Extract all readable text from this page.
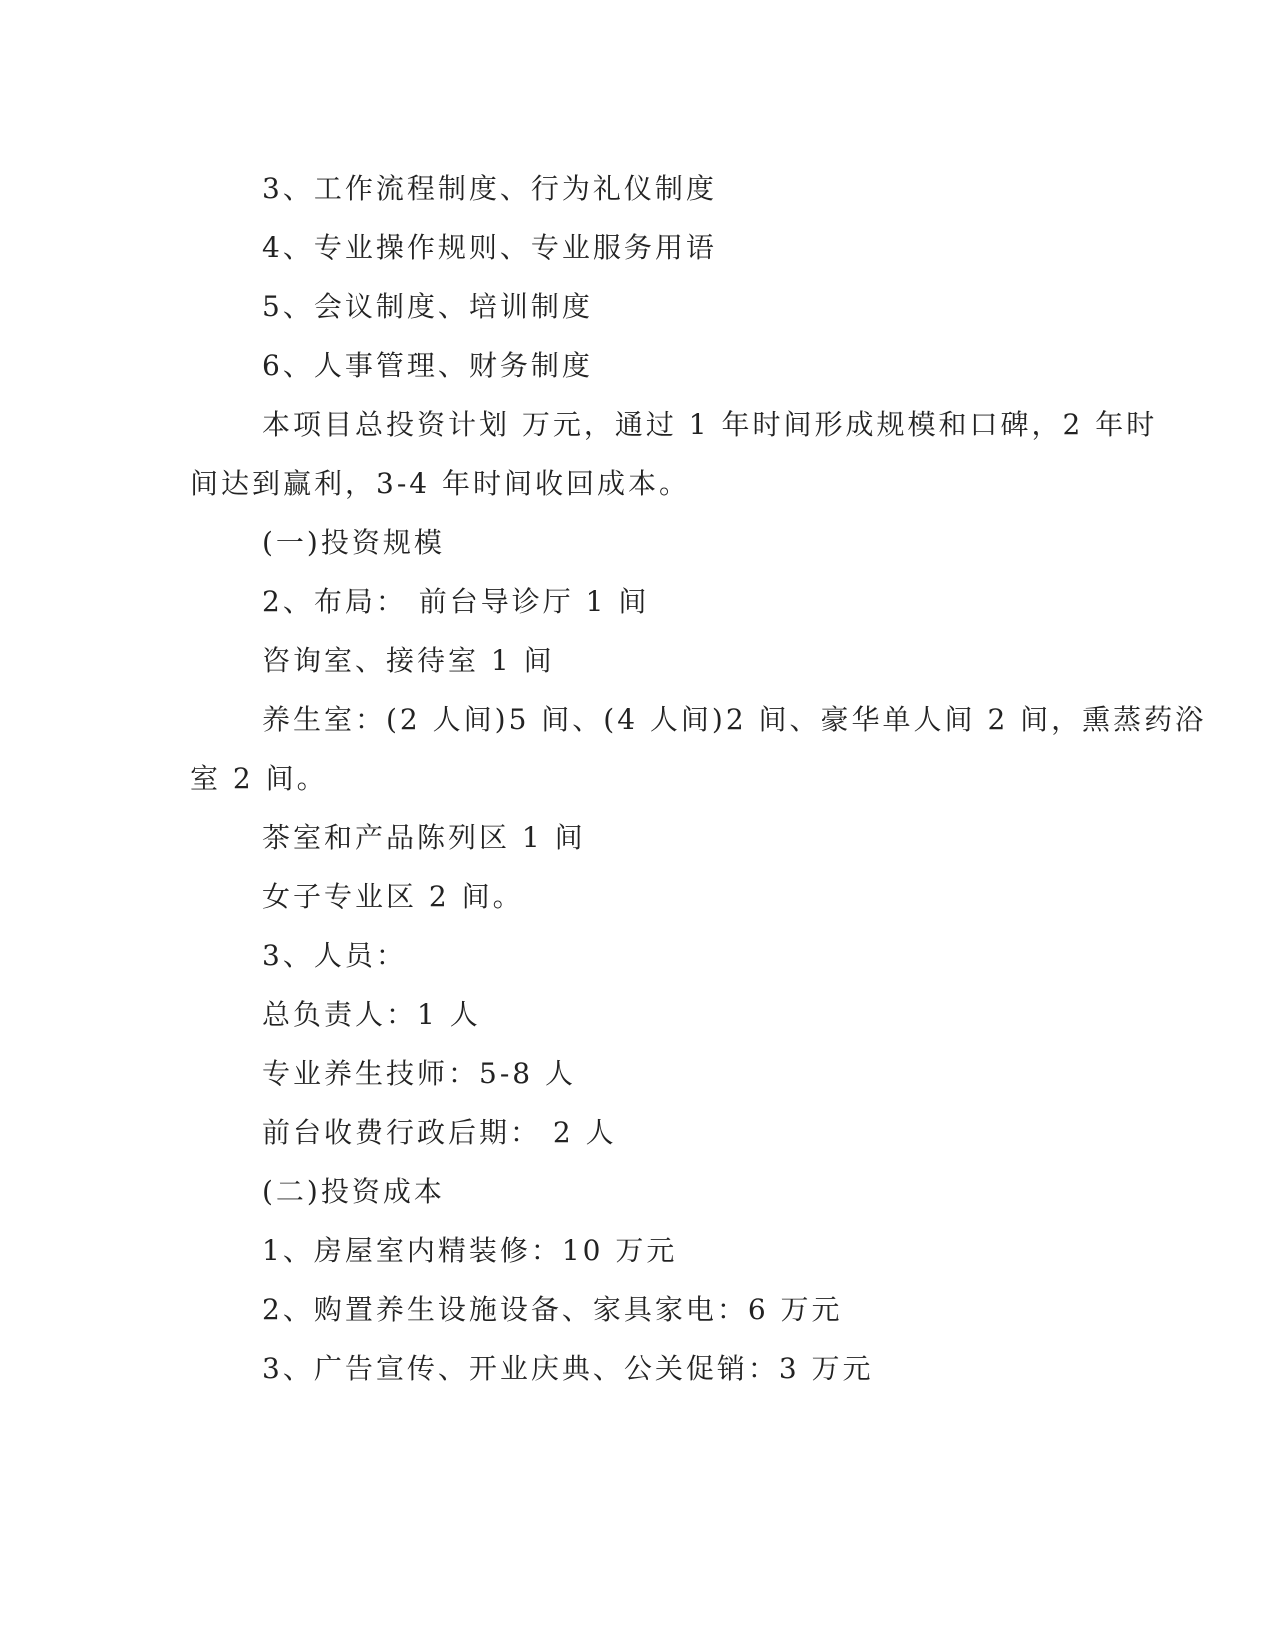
3、工作流程制度、行为礼仪制度
4、专业操作规则、专业服务用语
5、会议制度、培训制度
6、人事管理、财务制度
本项目总投资计划 万元，通过 1 年时间形成规模和口碑，2 年时
间达到赢利，3-4 年时间收回成本。
(一)投资规模
2、布局： 前台导诊厅 1 间
咨询室、接待室 1 间
养生室：(2 人间)5 间、(4 人间)2 间、豪华单人间 2 间，熏蒸药浴
室 2 间。
茶室和产品陈列区 1 间
女子专业区 2 间。
3、人员：
总负责人：1 人
专业养生技师：5-8 人
前台收费行政后期： 2 人
(二)投资成本
1、房屋室内精装修：10 万元
2、购置养生设施设备、家具家电：6 万元
3、广告宣传、开业庆典、公关促销：3 万元
